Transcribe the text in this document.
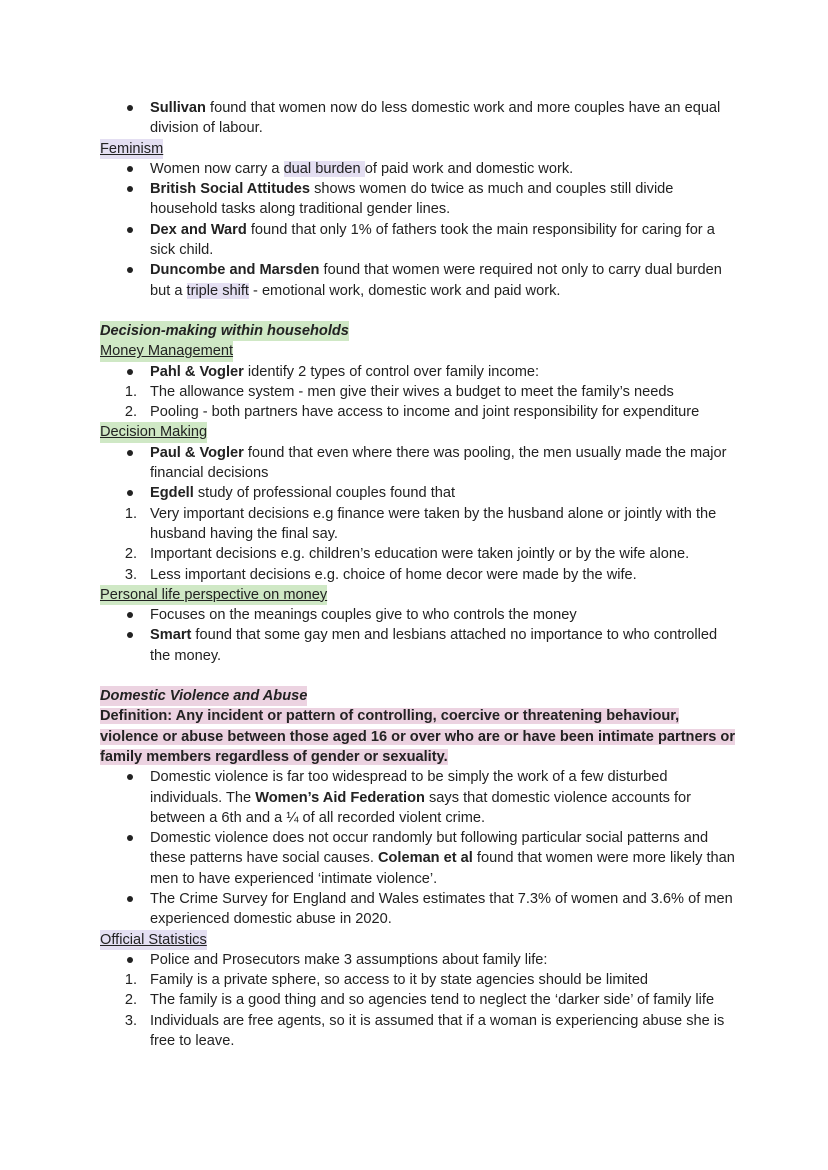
Sullivan found that women now do less domestic work and more couples have an equal division of labour.
Feminism
Women now carry a dual burden of paid work and domestic work.
British Social Attitudes shows women do twice as much and couples still divide household tasks along traditional gender lines.
Dex and Ward found that only 1% of fathers took the main responsibility for caring for a sick child.
Duncombe and Marsden found that women were required not only to carry dual burden but a triple shift - emotional work, domestic work and paid work.
Decision-making within households
Money Management
Pahl & Vogler identify 2 types of control over family income:
1. The allowance system - men give their wives a budget to meet the family’s needs
2. Pooling - both partners have access to income and joint responsibility for expenditure
Decision Making
Paul & Vogler found that even where there was pooling, the men usually made the major financial decisions
Egdell study of professional couples found that
1. Very important decisions e.g finance were taken by the husband alone or jointly with the husband having the final say.
2. Important decisions e.g. children’s education were taken jointly or by the wife alone.
3. Less important decisions e.g. choice of home decor were made by the wife.
Personal life perspective on money
Focuses on the meanings couples give to who controls the money
Smart found that some gay men and lesbians attached no importance to who controlled the money.
Domestic Violence and Abuse
Definition: Any incident or pattern of controlling, coercive or threatening behaviour, violence or abuse between those aged 16 or over who are or have been intimate partners or family members regardless of gender or sexuality.
Domestic violence is far too widespread to be simply the work of a few disturbed individuals. The Women’s Aid Federation says that domestic violence accounts for between a 6th and a ¼ of all recorded violent crime.
Domestic violence does not occur randomly but following particular social patterns and these patterns have social causes. Coleman et al found that women were more likely than men to have experienced ‘intimate violence’.
The Crime Survey for England and Wales estimates that 7.3% of women and 3.6% of men experienced domestic abuse in 2020.
Official Statistics
Police and Prosecutors make 3 assumptions about family life:
1. Family is a private sphere, so access to it by state agencies should be limited
2. The family is a good thing and so agencies tend to neglect the ‘darker side’ of family life
3. Individuals are free agents, so it is assumed that if a woman is experiencing abuse she is free to leave.
